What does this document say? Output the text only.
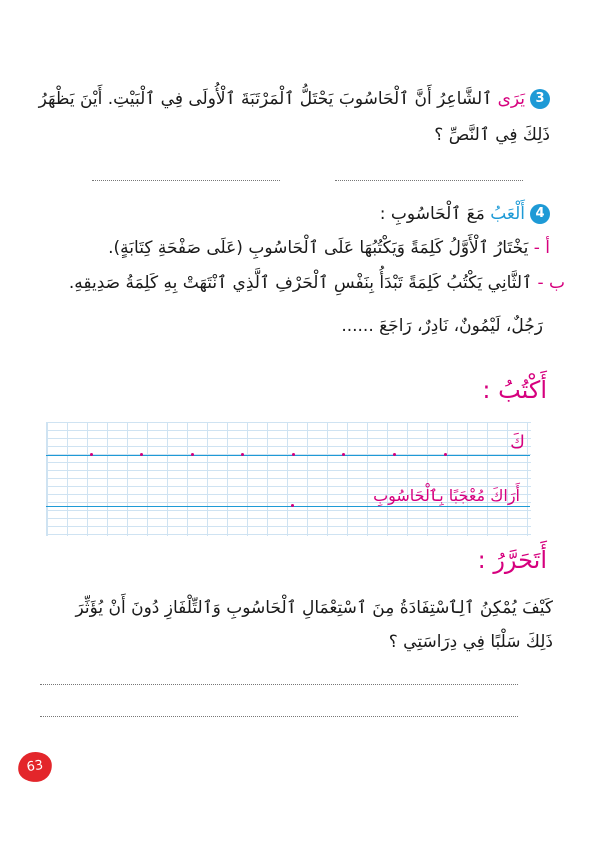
3يَرَى ٱلشَّاعِرُ أَنَّ ٱلْحَاسُوبَ يَحْتَلُّ ٱلْمَرْتَبَةَ ٱلْأُولَى فِي ٱلْبَيْتِ. أَيْنَ يَظْهَرُ
ذَلِكَ فِي ٱلنَّصِّ ؟
4أَلْعَبُ مَعَ ٱلْحَاسُوبِ :
أ - يَخْتَارُ ٱلْأَوَّلُ كَلِمَةً وَيَكْتُبُهَا عَلَى ٱلْحَاسُوبِ (عَلَى صَفْحَةِ كِتَابَةٍ).
ب - ٱلثَّانِي يَكْتُبُ كَلِمَةً تَبْدَأُ بِنَفْسِ ٱلْحَرْفِ ٱلَّذِي ٱنْتَهَتْ بِهِ كَلِمَةُ صَدِيقِهِ.
رَجُلٌ، لَيْمُونٌ، نَادِرٌ، رَاجَعَ ......
أَكْتُبُ :
كَ
أَرَاكَ مُعْجَبًا بِٱلْحَاسُوبِ
أَتَحَرَّرُ :
كَيْفَ يُمْكِنُ ٱلِٱسْتِفَادَةُ مِنَ ٱسْتِعْمَالِ ٱلْحَاسُوبِ وَٱلتِّلْفَازِ دُونَ أَنْ يُؤَثِّرَ
ذَلِكَ سَلْبًا فِي دِرَاسَتِي ؟
63
